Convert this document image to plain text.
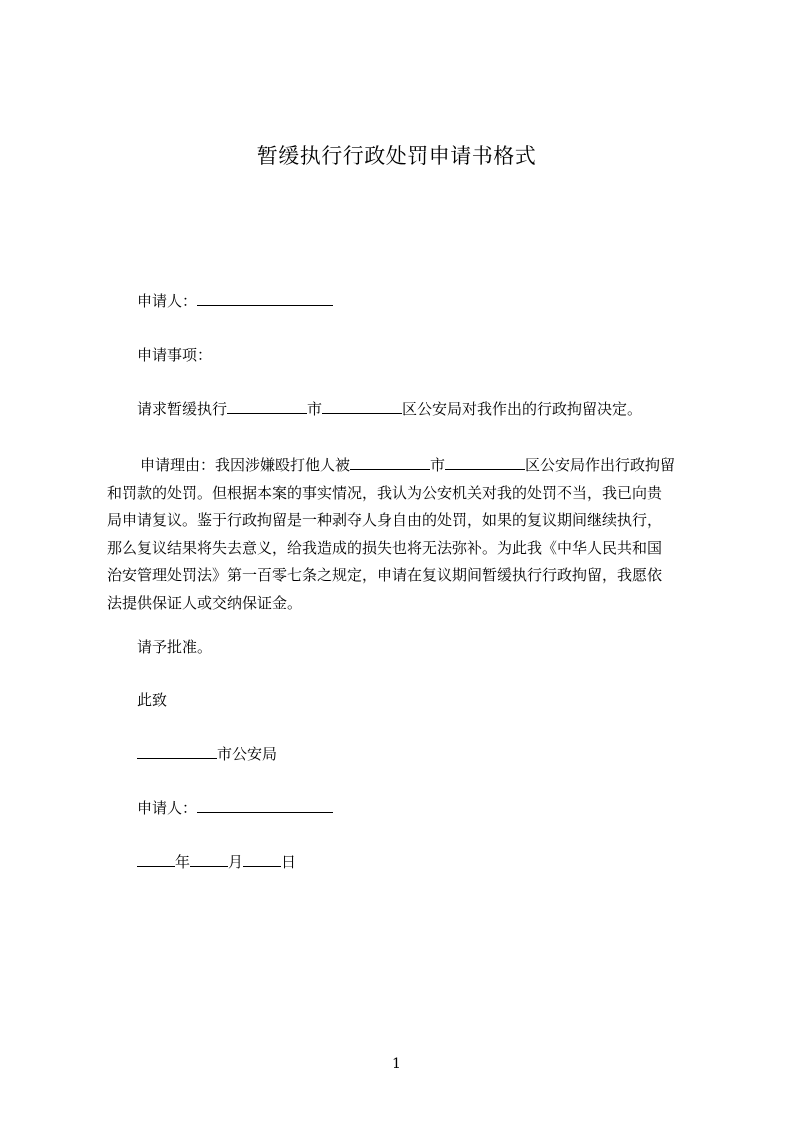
暂缓执行行政处罚申请书格式
申请人：
申请事项：
请求暂缓执行	市	区公安局对我作出的行政拘留决定。
申请理由：我因涉嫌殴打他人被	市	区公安局作出行政拘留
和罚款的处罚。但根据本案的事实情况，我认为公安机关对我的处罚不当，我已向贵
局申请复议。鉴于行政拘留是一种剥夺人身自由的处罚，如果的复议期间继续执行，
那么复议结果将失去意义，给我造成的损失也将无法弥补。为此我《中华人民共和国
治安管理处罚法》第一百零七条之规定，申请在复议期间暂缓执行行政拘留，我愿依
法提供保证人或交纳保证金。
请予批准。
此致
市公安局
申请人：
年	月	日
1
